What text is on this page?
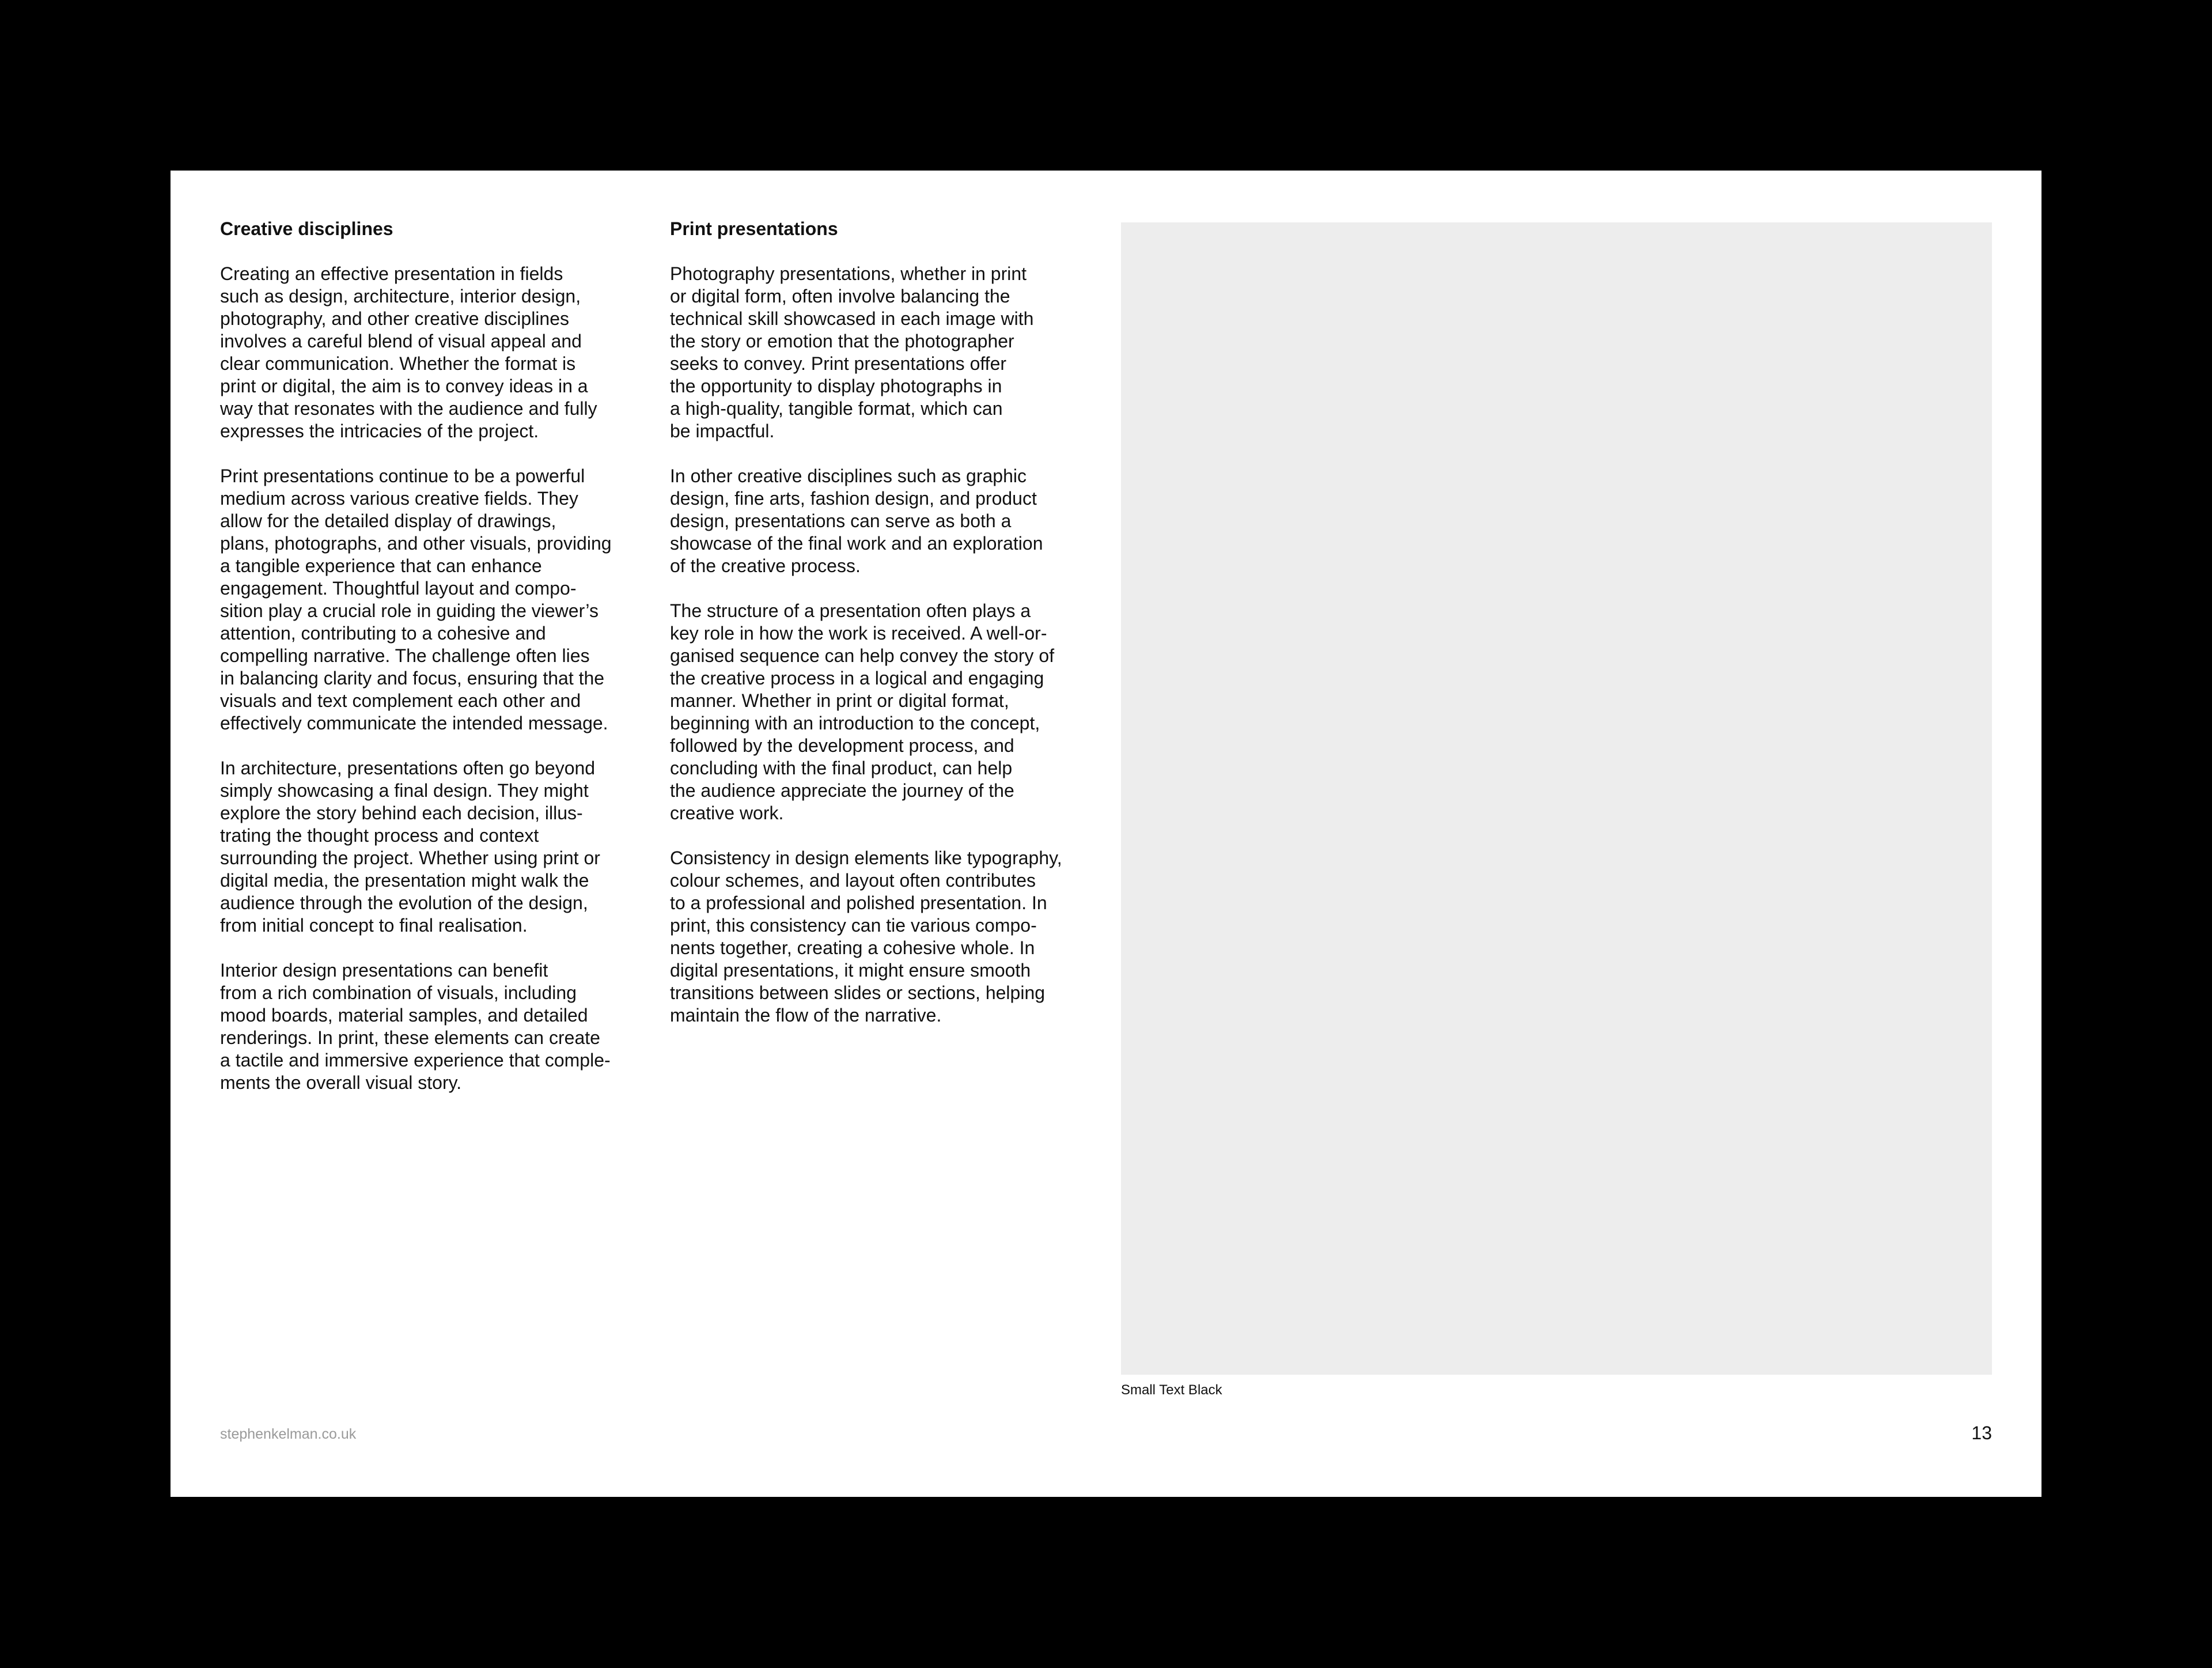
Creative disciplines

Creating an effective presentation in fields
such as design, architecture, interior design,
photography, and other creative disciplines
involves a careful blend of visual appeal and
clear communication. Whether the format is
print or digital, the aim is to convey ideas in a
way that resonates with the audience and fully
expresses the intricacies of the project.

Print presentations continue to be a powerful
medium across various creative fields. They
allow for the detailed display of drawings,
plans, photographs, and other visuals, providing
a tangible experience that can enhance
engagement. Thoughtful layout and compo-
sition play a crucial role in guiding the viewer’s
attention, contributing to a cohesive and
compelling narrative. The challenge often lies
in balancing clarity and focus, ensuring that the
visuals and text complement each other and
effectively communicate the intended message.

In architecture, presentations often go beyond
simply showcasing a final design. They might
explore the story behind each decision, illus-
trating the thought process and context
surrounding the project. Whether using print or
digital media, the presentation might walk the
audience through the evolution of the design,
from initial concept to final realisation.

Interior design presentations can benefit
from a rich combination of visuals, including
mood boards, material samples, and detailed
renderings. In print, these elements can create
a tactile and immersive experience that comple-
ments the overall visual story.

Print presentations

Photography presentations, whether in print
or digital form, often involve balancing the
technical skill showcased in each image with
the story or emotion that the photographer
seeks to convey. Print presentations offer
the opportunity to display photographs in
a high-quality, tangible format, which can
be impactful.

In other creative disciplines such as graphic
design, fine arts, fashion design, and product
design, presentations can serve as both a
showcase of the final work and an exploration
of the creative process.

The structure of a presentation often plays a
key role in how the work is received. A well-or-
ganised sequence can help convey the story of
the creative process in a logical and engaging
manner. Whether in print or digital format,
beginning with an introduction to the concept,
followed by the development process, and
concluding with the final product, can help
the audience appreciate the journey of the
creative work.

Consistency in design elements like typography,
colour schemes, and layout often contributes
to a professional and polished presentation. In
print, this consistency can tie various compo-
nents together, creating a cohesive whole. In
digital presentations, it might ensure smooth
transitions between slides or sections, helping
maintain the flow of the narrative.

Small Text Black
stephenkelman.co.uk	13
